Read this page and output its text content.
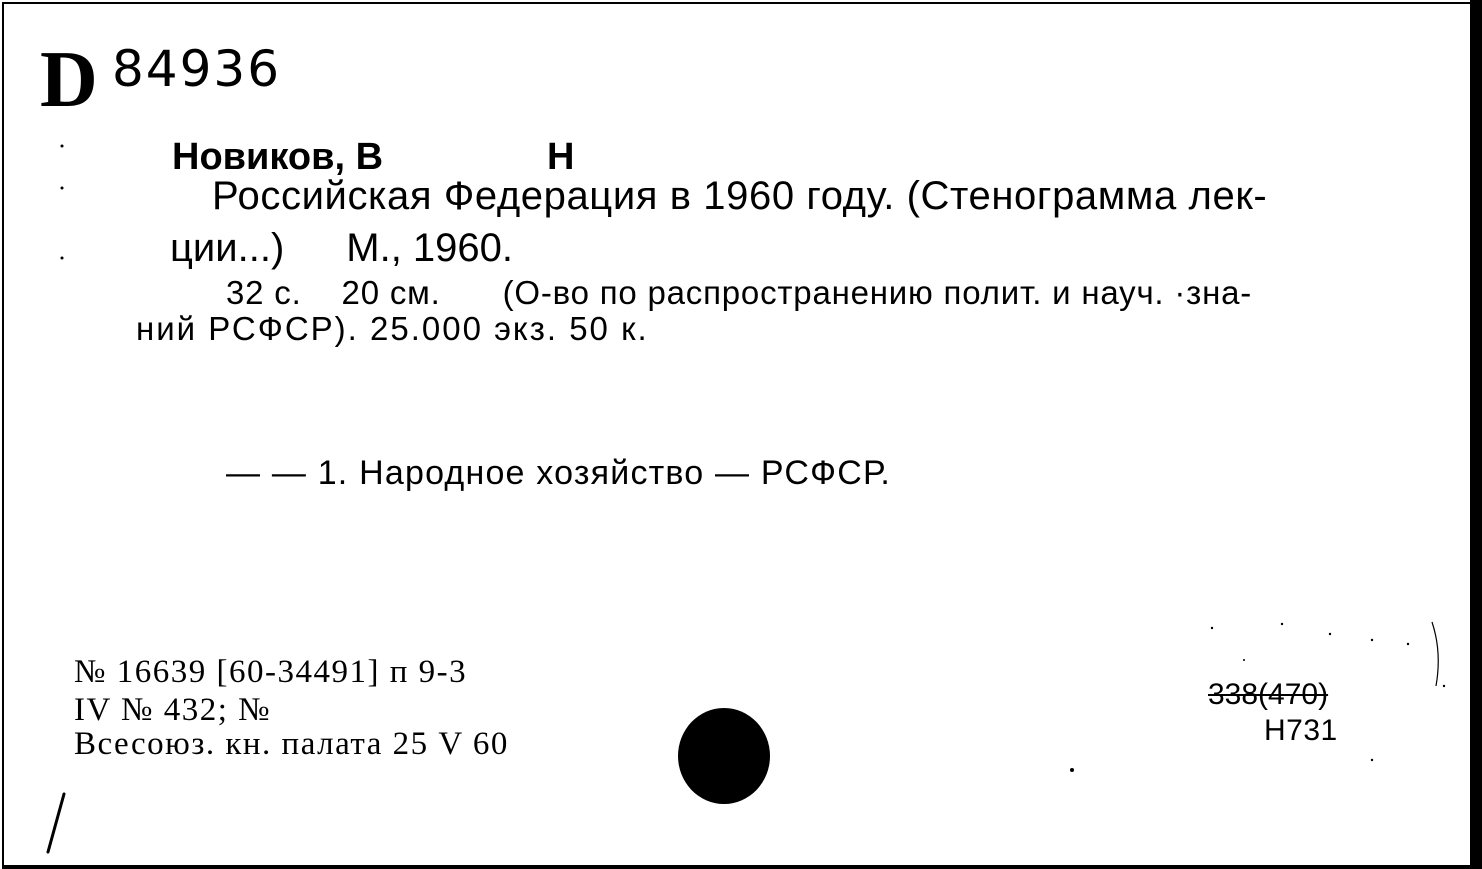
D 84936
Новиков, В	Н
Российская Федерация в 1960 году. (Стенограмма лек-
ции...) М., 1960.
32 с. 20 см. (О-во по распространению полит. и науч. ·зна-
ний РСФСР). 25.000 экз. 50 к.
— — 1. Народное хозяйство — РСФСР.
№ 16639 [60-34491] п 9-3
IV № 432; №
Всесоюз. кн. палата 25 V 60
338(470)
Н731
